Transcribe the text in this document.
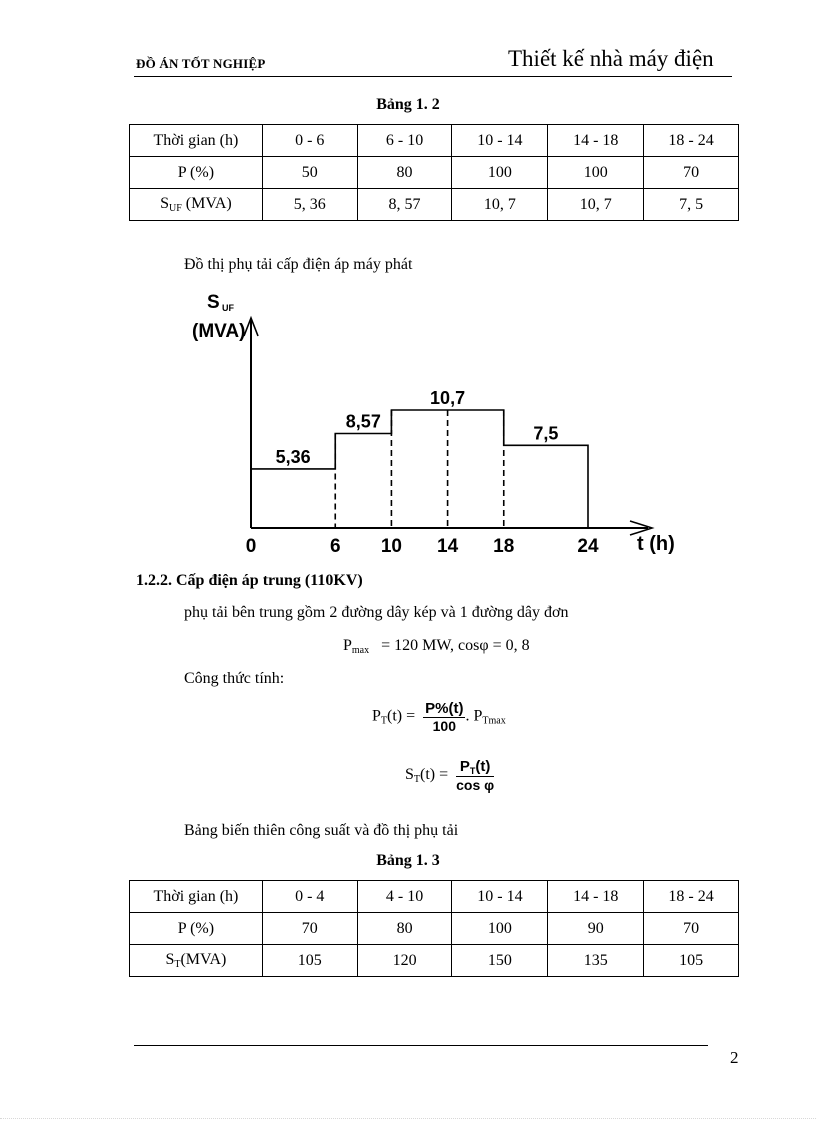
ĐỒ ÁN TỐT NGHIỆP	Thiết kế nhà máy điện
Bảng 1. 2
Thời gian (h)	0 - 6	6 - 10	10 - 14	14 - 18	18 - 24
P (%)	50	80	100	100	70
$S_{UF}$ (MVA)	5, 36	8, 57	10, 7	10, 7	7, 5
Đồ thị phụ tải cấp điện áp máy phát
5,36
8,57
10,7
7,5
0	6 10 14 18	24
S UF
(MVA)
t (h)
1.2.2. Cấp điện áp trung (110KV)
phụ tải bên trung gồm 2 đường dây kép và 1 đường dây đơn
$P_{max} = 120$ MW, cosφ = 0, 8
Công thức tính:
$P_T(t) = \frac{P\%(t)}{100}$ . $P_{Tmax}$
$S_T(t) = \frac{P_T(t)}{\text{cos φ}}$
Bảng biến thiên công suất và đồ thị phụ tải
Bảng 1. 3
Thời gian (h)	0 - 4	4 - 10	10 - 14	14 - 18	18 - 24
P (%)	70	80	100	90	70
$S_T(MVA)$	105	120	150	135	105
2
